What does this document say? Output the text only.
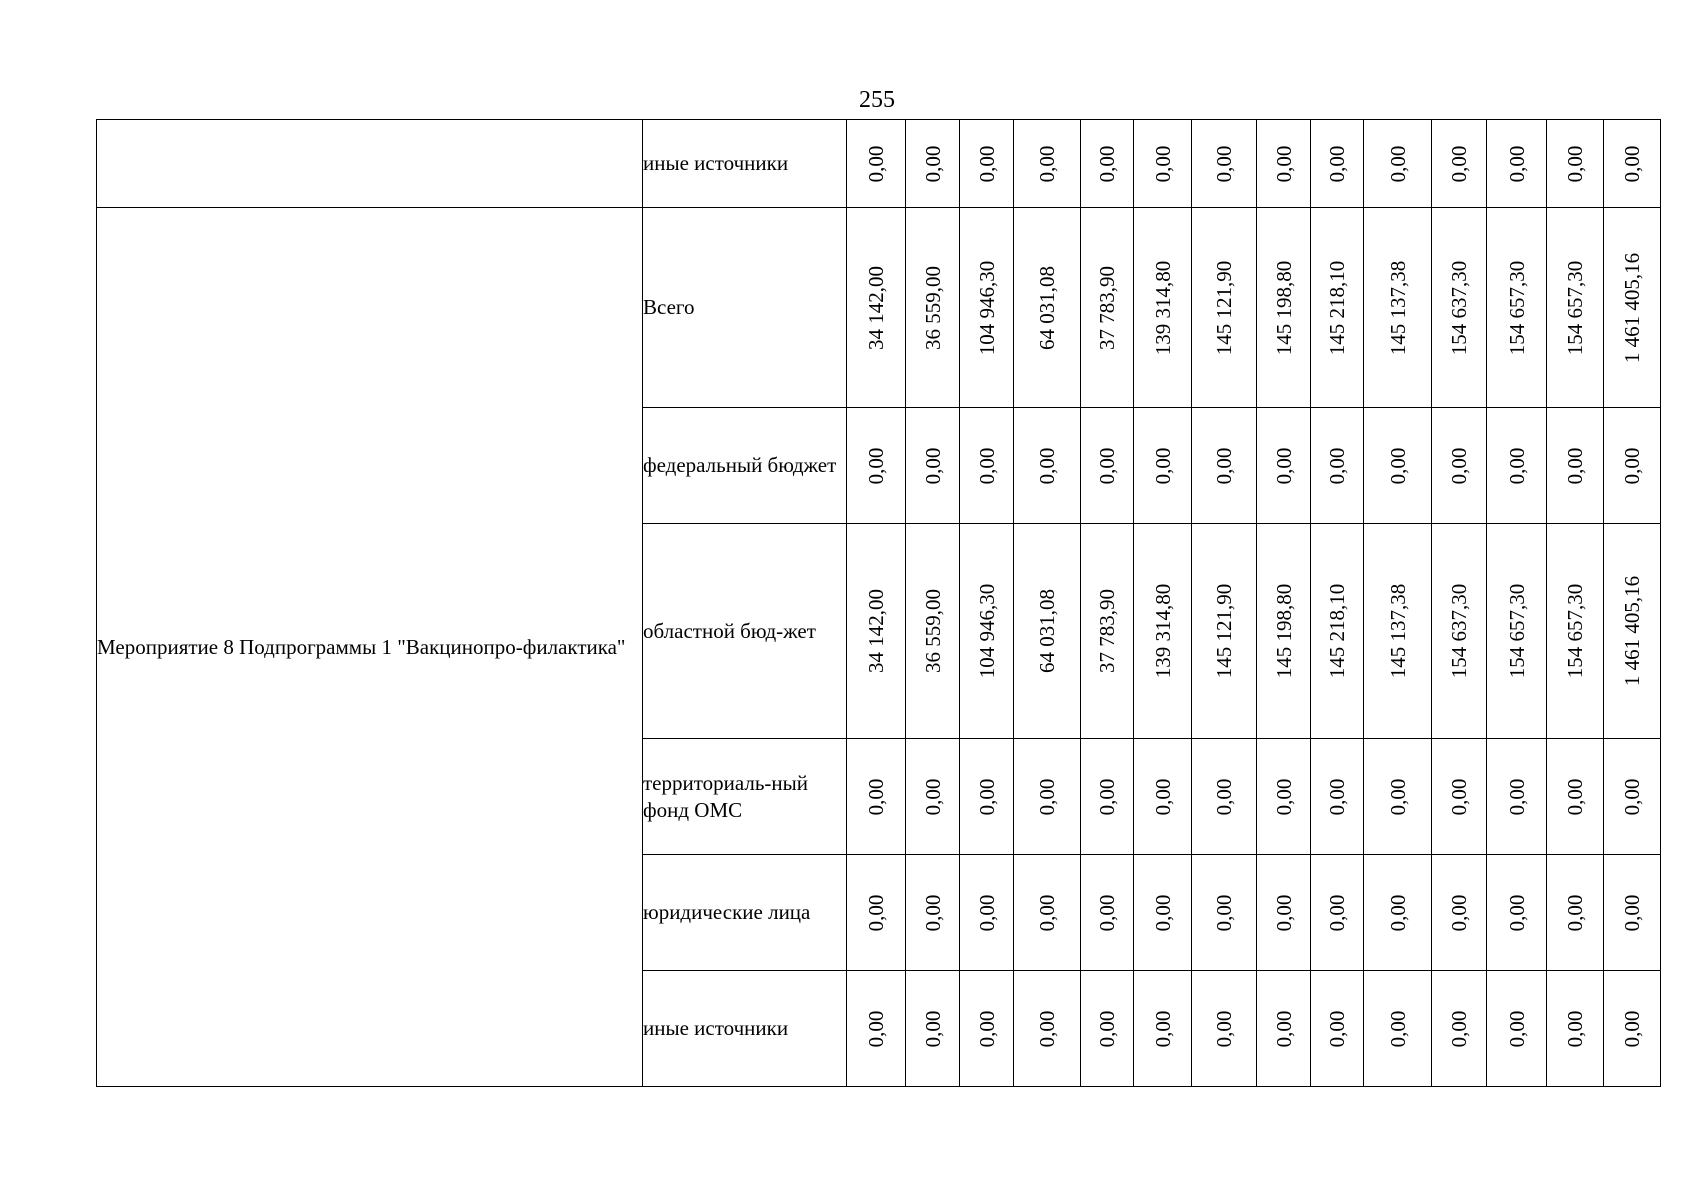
255
	иные источники	0,00	0,00	0,00	0,00	0,00	0,00	0,00	0,00	0,00	0,00	0,00	0,00	0,00	0,00

Мероприятие 8 Подпрограммы 1 "Вакцинопро-филактика"	Всего	34 142,00	36 559,00	104 946,30	64 031,08	37 783,90	139 314,80	145 121,90	145 198,80	145 218,10	145 137,38	154 637,30	154 657,30	154 657,30	1 461 405,16

	федеральный бюджет	0,00	0,00	0,00	0,00	0,00	0,00	0,00	0,00	0,00	0,00	0,00	0,00	0,00	0,00

	областной бюд-жет	34 142,00	36 559,00	104 946,30	64 031,08	37 783,90	139 314,80	145 121,90	145 198,80	145 218,10	145 137,38	154 637,30	154 657,30	154 657,30	1 461 405,16

	территориаль-ный фонд ОМС	0,00	0,00	0,00	0,00	0,00	0,00	0,00	0,00	0,00	0,00	0,00	0,00	0,00	0,00

	юридические лица	0,00	0,00	0,00	0,00	0,00	0,00	0,00	0,00	0,00	0,00	0,00	0,00	0,00	0,00

	иные источники	0,00	0,00	0,00	0,00	0,00	0,00	0,00	0,00	0,00	0,00	0,00	0,00	0,00	0,00
